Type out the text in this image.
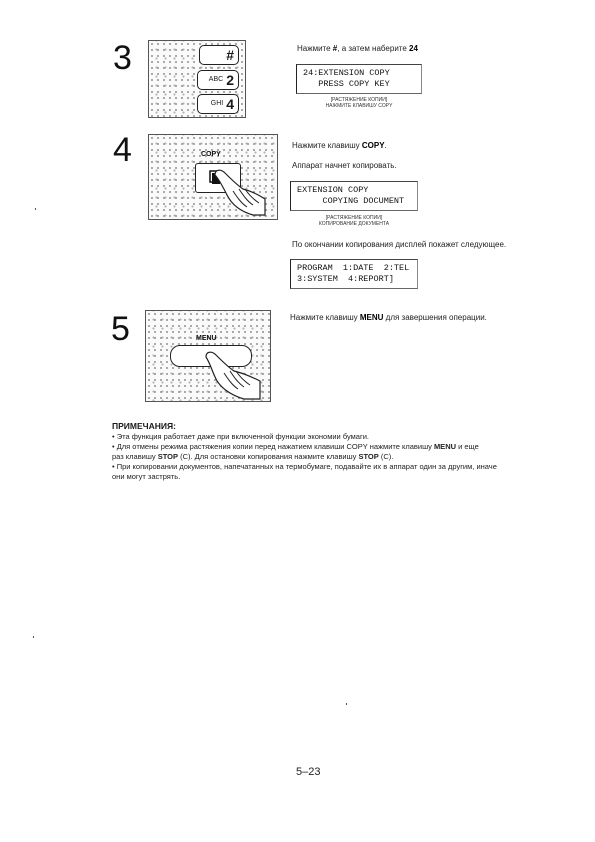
3	#
ABC 2
GHI 4
Нажмите #, а затем наберите 24
24:EXTENSION COPY
PRESS COPY KEY
[РАСТЯЖЕНИЕ КОПИИ]
НАЖМИТЕ КЛАВИШУ COPY
4	COPY
Нажмите клавишу COPY.
Аппарат начнет копировать.
EXTENSION COPY
COPYING DOCUMENT
[РАСТЯЖЕНИЕ КОПИИ]
КОПИРОВАНИЕ ДОКУМЕНТА
По окончании копирования дисплей покажет следующее.
PROGRAM  1:DATE  2:TEL
3:SYSTEM  4:REPORT]
5	MENU
Нажмите клавишу MENU для завершения операции.
ПРИМЕЧАНИЯ:
• Эта функция работает даже при включенной функции экономии бумаги.
• Для отмены режима растяжения копии перед нажатием клавиши COPY нажмите клавишу MENU и еще
раз клавишу STOP (C). Для остановки копирования нажмите клавишу STOP (C).
• При копировании документов, напечатанных на термобумаге, подавайте их в аппарат один за другим, иначе
они могут застрять.
5–23
